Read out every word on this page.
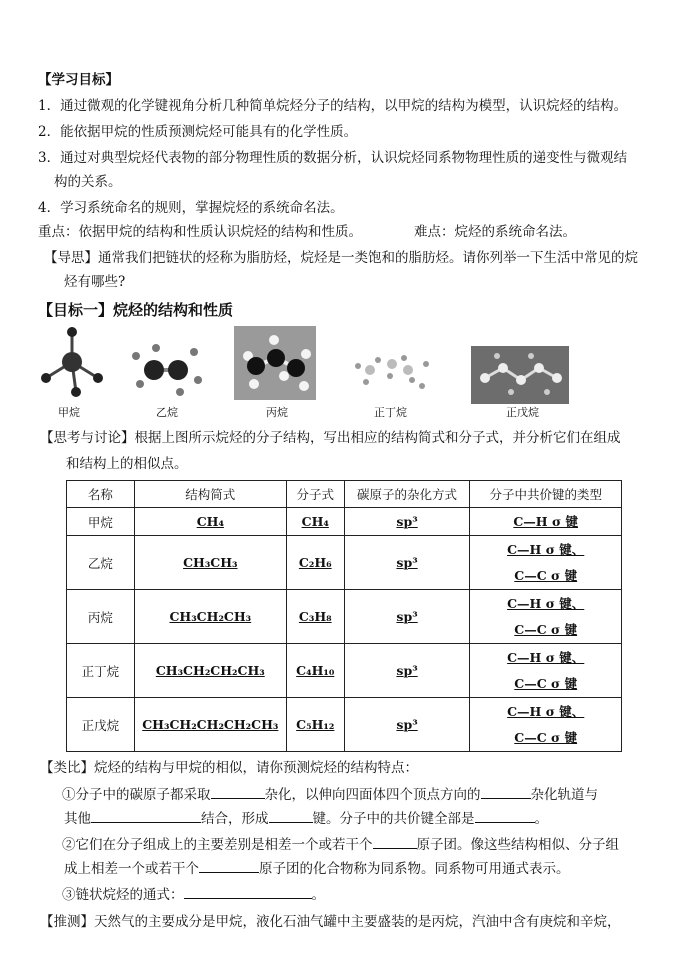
【学习目标】
1．通过微观的化学键视角分析几种简单烷烃分子的结构，以甲烷的结构为模型，认识烷烃的结构。
2．能依据甲烷的性质预测烷烃可能具有的化学性质。
3．通过对典型烷烃代表物的部分物理性质的数据分析，认识烷烃同系物物理性质的递变性与微观结
构的关系。
4．学习系统命名的规则，掌握烷烃的系统命名法。
重点：依据甲烷的结构和性质认识烷烃的结构和性质。	难点：烷烃的系统命名法。
【导思】通常我们把链状的烃称为脂肪烃，烷烃是一类饱和的脂肪烃。请你列举一下生活中常见的烷
烃有哪些?
【目标一】烷烃的结构和性质
甲烷	乙烷	丙烷	正丁烷	正戊烷
【思考与讨论】根据上图所示烷烃的分子结构，写出相应的结构简式和分子式，并分析它们在组成
和结构上的相似点。
名称	结构简式	分子式	碳原子的杂化方式	分子中共价键的类型
甲烷	CH₄	CH₄	sp³	C—H σ 键

乙烷	CH₃CH₃	C₂H₆	sp³	C—H σ 键、
C—C σ 键

丙烷	CH₃CH₂CH₃	C₃H₈	sp³	C—H σ 键、
C—C σ 键

正丁烷	CH₃CH₂CH₂CH₃	C₄H₁₀	sp³	C—H σ 键、
C—C σ 键

正戊烷	CH₃CH₂CH₂CH₂CH₃	C₅H₁₂	sp³	C—H σ 键、
C—C σ 键
【类比】烷烃的结构与甲烷的相似，请你预测烷烃的结构特点：
①分子中的碳原子都采取	杂化，以伸向四面体四个顶点方向的	杂化轨道与
其他	结合，形成	键。分子中的共价键全部是	。
②它们在分子组成上的主要差别是相差一个或若干个	原子团。像这些结构相似、分子组
成上相差一个或若干个	原子团的化合物称为同系物。同系物可用通式表示。
③链状烷烃的通式：	。
【推测】天然气的主要成分是甲烷，液化石油气罐中主要盛装的是丙烷，汽油中含有庚烷和辛烷，
